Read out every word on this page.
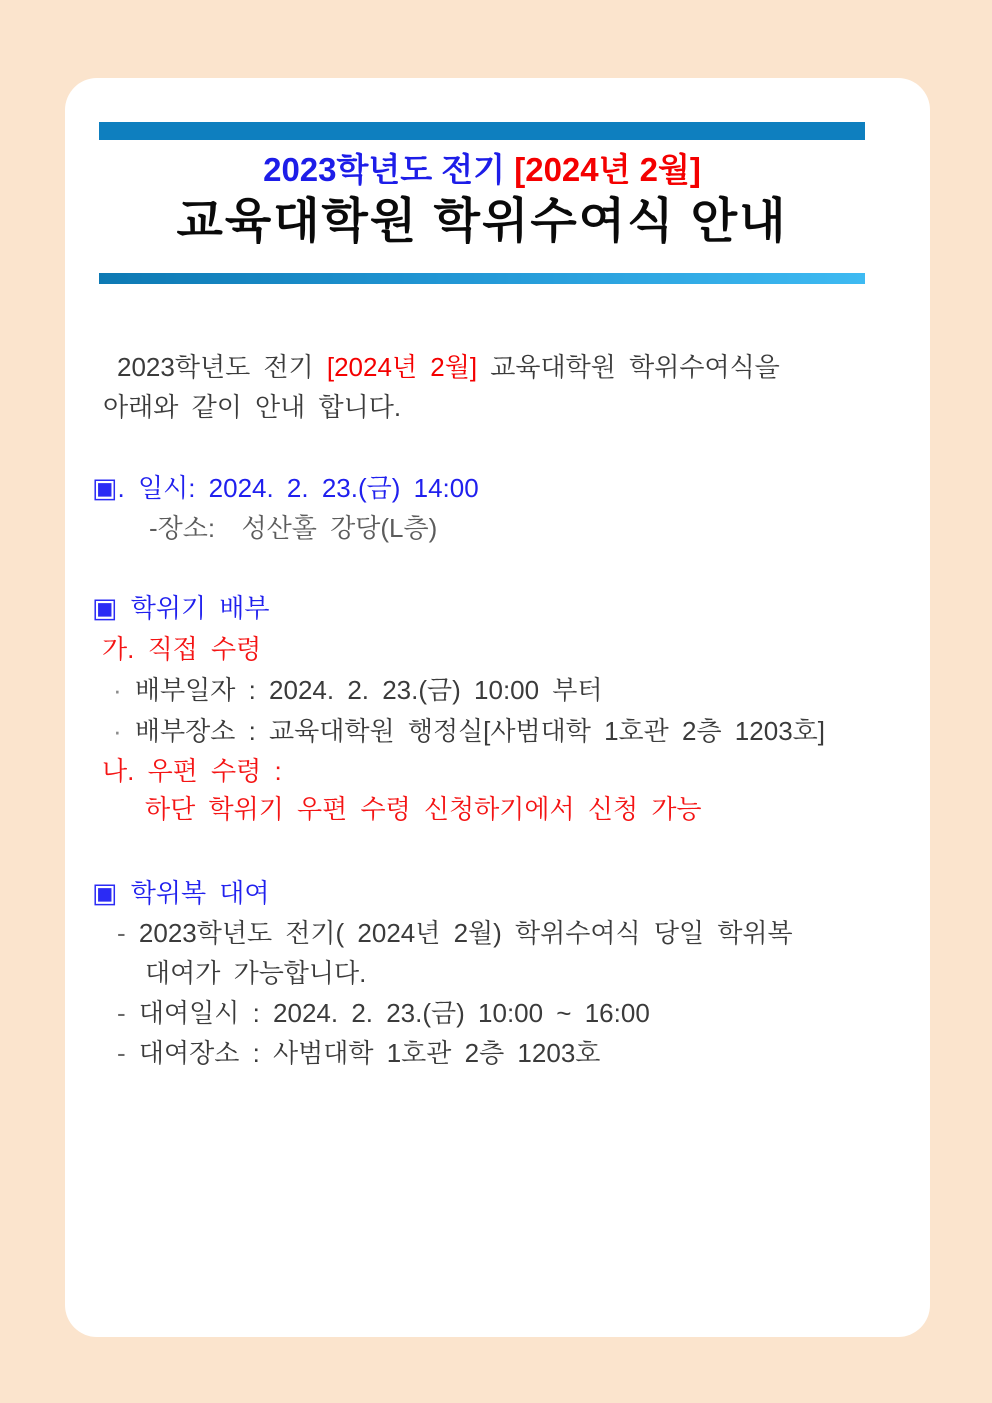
2023학년도 전기 [2024년 2월]
교육대학원 학위수여식 안내
2023학년도 전기 [2024년 2월] 교육대학원 학위수여식을
아래와 같이 안내 합니다.
▣. 일시: 2024. 2. 23.(금) 14:00
-장소:  성산홀 강당(L층)
▣ 학위기 배부
가. 직접 수령
· 배부일자 : 2024. 2. 23.(금) 10:00 부터
· 배부장소 : 교육대학원 행정실[사범대학 1호관 2층 1203호]
나. 우편 수령 :
하단 학위기 우편 수령 신청하기에서 신청 가능
▣ 학위복 대여
- 2023학년도 전기( 2024년 2월) 학위수여식 당일 학위복
대여가 가능합니다.
- 대여일시 : 2024. 2. 23.(금) 10:00 ~ 16:00
- 대여장소 : 사범대학 1호관 2층 1203호
